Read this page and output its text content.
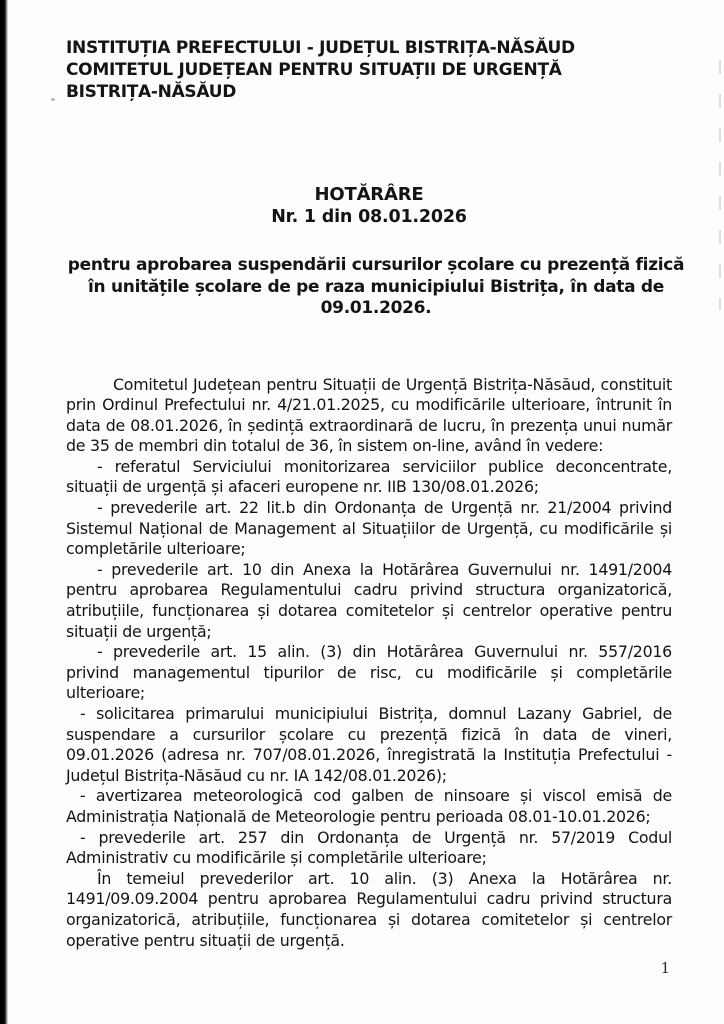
INSTITUȚIA PREFECTULUI - JUDEȚUL BISTRIȚA-NĂSĂUD
COMITETUL JUDEȚEAN PENTRU SITUAȚII DE URGENȚĂ
BISTRIȚA-NĂSĂUD
HOTĂRÂRE
Nr. 1 din 08.01.2026
pentru aprobarea suspendării cursurilor școlare cu prezență fizică în unitățile școlare de pe raza municipiului Bistrița, în data de 09.01.2026.

Comitetul Județean pentru Situații de Urgență Bistrița-Năsăud, constituit prin Ordinul Prefectului nr. 4/21.01.2025, cu modificările ulterioare, întrunit în data de 08.01.2026, în ședință extraordinară de lucru, în prezența unui număr de 35 de membri din totalul de 36, în sistem on-line, având în vedere:

- referatul Serviciului monitorizarea serviciilor publice deconcentrate, situații de urgență și afaceri europene nr. IIB 130/08.01.2026;

- prevederile art. 22 lit.b din Ordonanța de Urgență nr. 21/2004 privind Sistemul Național de Management al Situațiilor de Urgență, cu modificările și completările ulterioare;

- prevederile art. 10 din Anexa la Hotărârea Guvernului nr. 1491/2004 pentru aprobarea Regulamentului cadru privind structura organizatorică, atribuțiile, funcționarea și dotarea comitetelor și centrelor operative pentru situații de urgență;

- prevederile art. 15 alin. (3) din Hotărârea Guvernului nr. 557/2016 privind managementul tipurilor de risc, cu modificările și completările ulterioare;

- solicitarea primarului municipiului Bistrița, domnul Lazany Gabriel, de suspendare a cursurilor școlare cu prezență fizică în data de vineri, 09.01.2026 (adresa nr. 707/08.01.2026, înregistrată la Instituția Prefectului - Județul Bistrița-Năsăud cu nr. IA 142/08.01.2026);

- avertizarea meteorologică cod galben de ninsoare și viscol emisă de Administrația Națională de Meteorologie pentru perioada 08.01-10.01.2026;

- prevederile art. 257 din Ordonanța de Urgență nr. 57/2019 Codul Administrativ cu modificările și completările ulterioare;

În temeiul prevederilor art. 10 alin. (3) Anexa la Hotărârea nr. 1491/09.09.2004 pentru aprobarea Regulamentului cadru privind structura organizatorică, atribuțiile, funcționarea și dotarea comitetelor și centrelor operative pentru situații de urgență.

1
